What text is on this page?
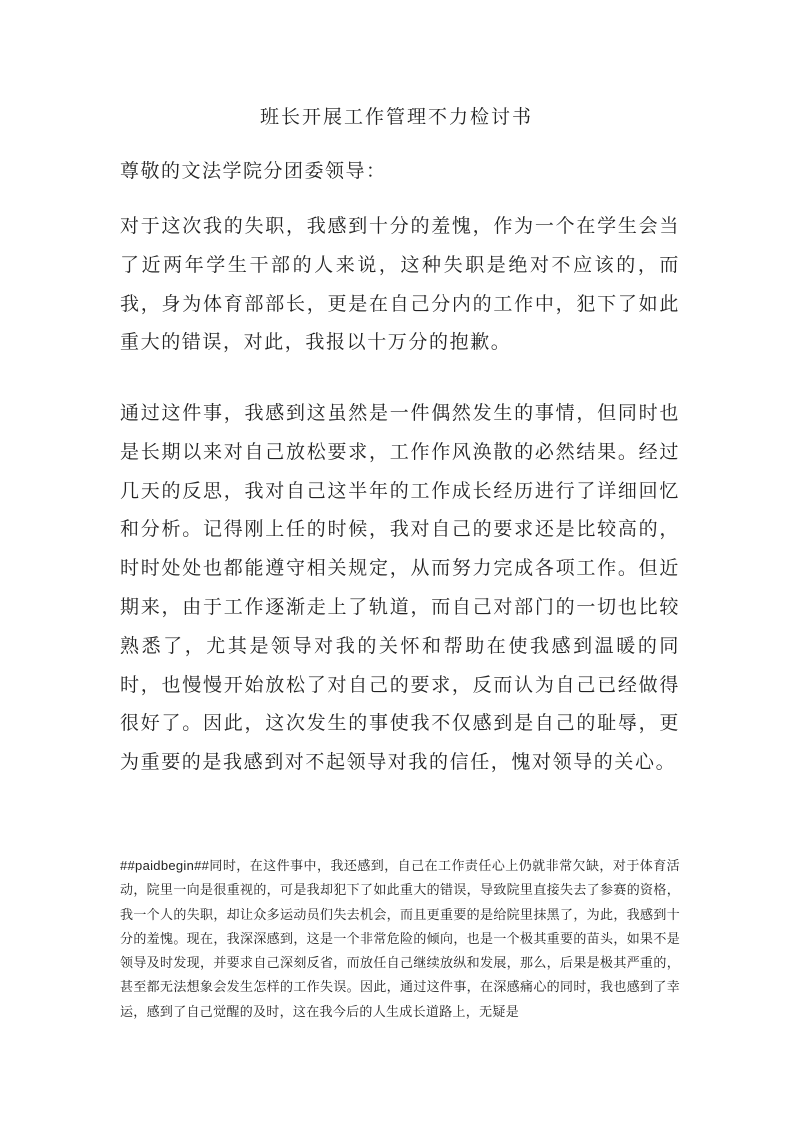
班长开展工作管理不力检讨书

尊敬的文法学院分团委领导：

对于这次我的失职，我感到十分的羞愧，作为一个在学生会当了近两年学生干部的人来说，这种失职是绝对不应该的，而我，身为体育部部长，更是在自己分内的工作中，犯下了如此重大的错误，对此，我报以十万分的抱歉。

通过这件事，我感到这虽然是一件偶然发生的事情，但同时也是长期以来对自己放松要求，工作作风涣散的必然结果。经过几天的反思，我对自己这半年的工作成长经历进行了详细回忆和分析。记得刚上任的时候，我对自己的要求还是比较高的，时时处处也都能遵守相关规定，从而努力完成各项工作。但近期来，由于工作逐渐走上了轨道，而自己对部门的一切也比较熟悉了，尤其是领导对我的关怀和帮助在使我感到温暖的同时，也慢慢开始放松了对自己的要求，反而认为自己已经做得很好了。因此，这次发生的事使我不仅感到是自己的耻辱，更为重要的是我感到对不起领导对我的信任，愧对领导的关心。

##paidbegin##同时，在这件事中，我还感到，自己在工作责任心上仍就非常欠缺，对于体育活动，院里一向是很重视的，可是我却犯下了如此重大的错误，导致院里直接失去了参赛的资格，我一个人的失职，却让众多运动员们失去机会，而且更重要的是给院里抹黑了，为此，我感到十分的羞愧。现在，我深深感到，这是一个非常危险的倾向，也是一个极其重要的苗头，如果不是领导及时发现，并要求自己深刻反省，而放任自己继续放纵和发展，那么，后果是极其严重的，甚至都无法想象会发生怎样的工作失误。因此，通过这件事，在深感痛心的同时，我也感到了幸运，感到了自己觉醒的及时，这在我今后的人生成长道路上，无疑是
